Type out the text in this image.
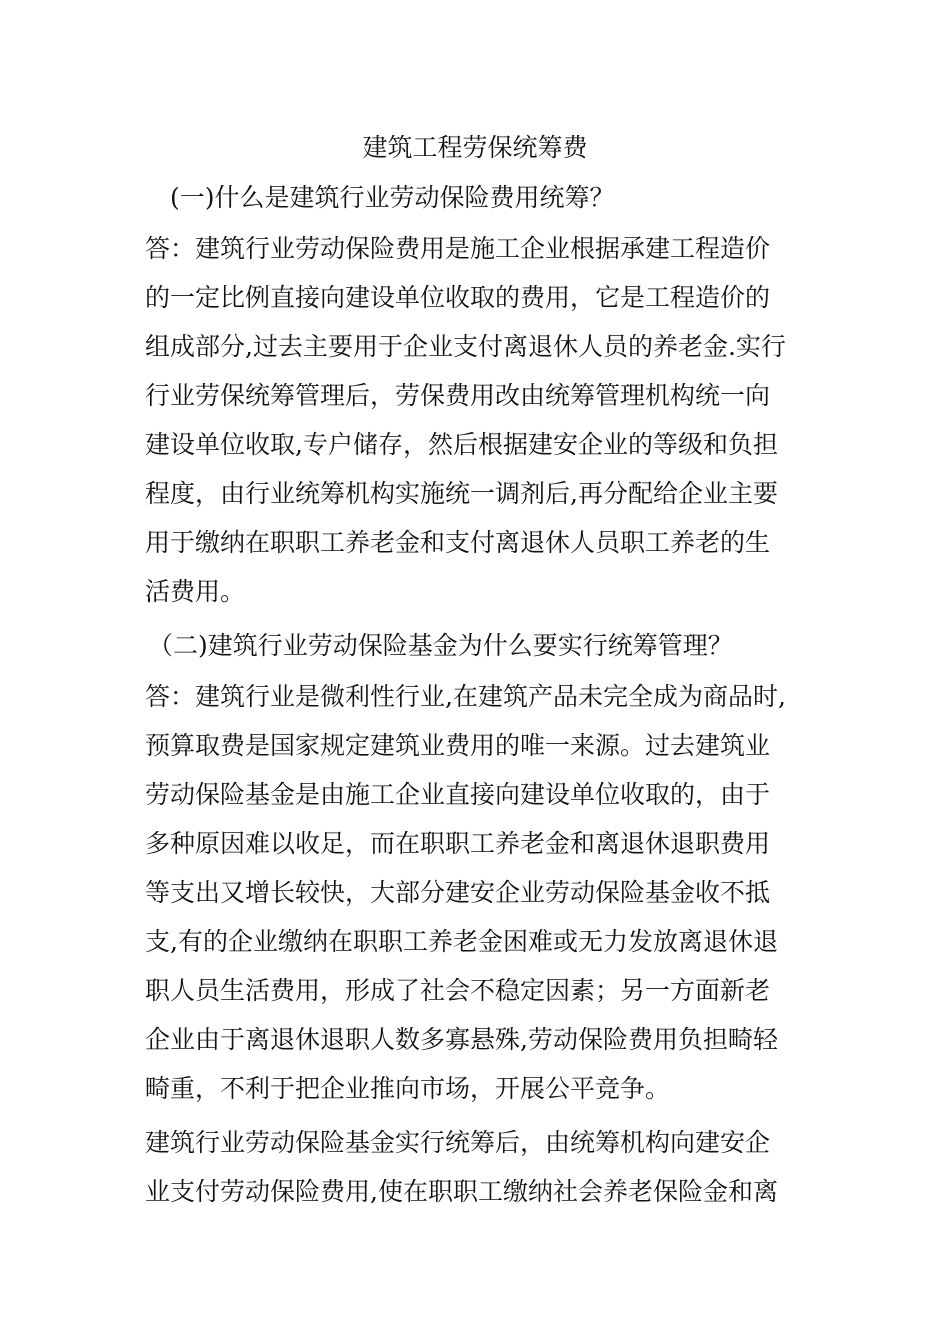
建筑工程劳保统筹费
(一)什么是建筑行业劳动保险费用统筹？
答：建筑行业劳动保险费用是施工企业根据承建工程造价
的一定比例直接向建设单位收取的费用，它是工程造价的
组成部分,过去主要用于企业支付离退休人员的养老金.实行
行业劳保统筹管理后，劳保费用改由统筹管理机构统一向
建设单位收取,专户储存，然后根据建安企业的等级和负担
程度，由行业统筹机构实施统一调剂后,再分配给企业主要
用于缴纳在职职工养老金和支付离退休人员职工养老的生
活费用。
（二)建筑行业劳动保险基金为什么要实行统筹管理？
答：建筑行业是微利性行业,在建筑产品未完全成为商品时,
预算取费是国家规定建筑业费用的唯一来源。过去建筑业
劳动保险基金是由施工企业直接向建设单位收取的，由于
多种原因难以收足，而在职职工养老金和离退休退职费用
等支出又增长较快，大部分建安企业劳动保险基金收不抵
支,有的企业缴纳在职职工养老金困难或无力发放离退休退
职人员生活费用，形成了社会不稳定因素；另一方面新老
企业由于离退休退职人数多寡悬殊,劳动保险费用负担畸轻
畸重，不利于把企业推向市场，开展公平竞争。
建筑行业劳动保险基金实行统筹后，由统筹机构向建安企
业支付劳动保险费用,使在职职工缴纳社会养老保险金和离
